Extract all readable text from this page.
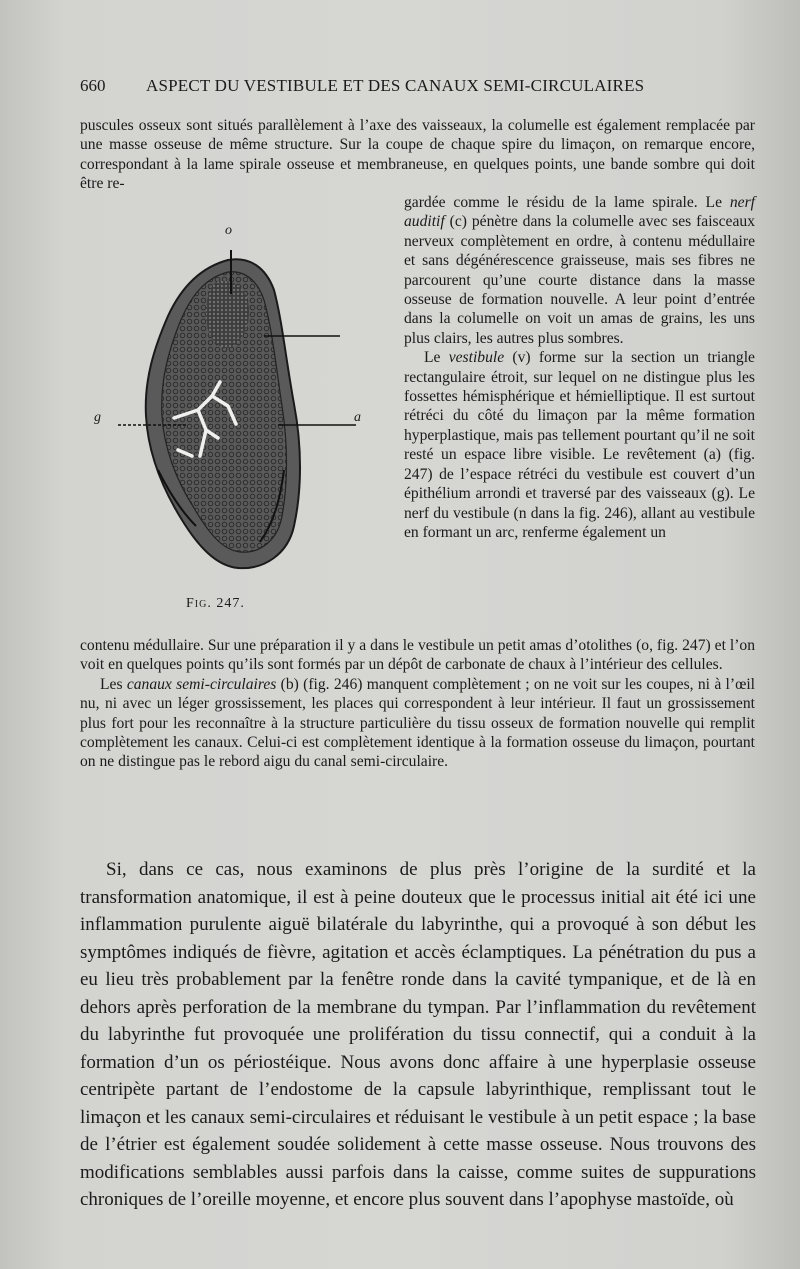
660 ASPECT DU VESTIBULE ET DES CANAUX SEMI-CIRCULAIRES

puscules osseux sont situés parallèlement à l’axe des vaisseaux, la columelle est également remplacée par une masse osseuse de même structure. Sur la coupe de chaque spire du limaçon, on remarque encore, correspondant à la lame spirale osseuse et membraneuse, en quelques points, une bande sombre qui doit être re-

gardée comme le résidu de la lame spirale. Le nerf auditif (c) pénètre dans la columelle avec ses faisceaux nerveux complètement en ordre, à contenu médullaire et sans dégénérescence graisseuse, mais ses fibres ne parcourent qu’une courte distance dans la masse osseuse de formation nouvelle. A leur point d’entrée dans la columelle on voit un amas de grains, les uns plus clairs, les autres plus sombres.

Le vestibule (v) forme sur la section un triangle rectangulaire étroit, sur lequel on ne distingue plus les fossettes hémisphérique et hémielliptique. Il est surtout rétréci du côté du limaçon par la même formation hyperplastique, mais pas tellement pourtant qu’il ne soit resté un espace libre visible. Le revêtement (a) (fig. 247) de l’espace rétréci du vestibule est couvert d’un épithélium arrondi et traversé par des vaisseaux (g). Le nerf du vestibule (n dans la fig. 246), allant au vestibule en formant un arc, renferme également un

o
g	a
Fig. 247.

contenu médullaire. Sur une préparation il y a dans le vestibule un petit amas d’otolithes (o, fig. 247) et l’on voit en quelques points qu’ils sont formés par un dépôt de carbonate de chaux à l’intérieur des cellules.

Les canaux semi-circulaires (b) (fig. 246) manquent complètement ; on ne voit sur les coupes, ni à l’œil nu, ni avec un léger grossissement, les places qui correspondent à leur intérieur. Il faut un grossissement plus fort pour les reconnaître à la structure particulière du tissu osseux de formation nouvelle qui remplit complètement les canaux. Celui-ci est complètement identique à la formation osseuse du limaçon, pourtant on ne distingue pas le rebord aigu du canal semi-circulaire.

Si, dans ce cas, nous examinons de plus près l’origine de la surdité et la transformation anatomique, il est à peine douteux que le processus initial ait été ici une inflammation purulente aiguë bilatérale du labyrinthe, qui a provoqué à son début les symptômes indiqués de fièvre, agitation et accès éclamptiques. La pénétration du pus a eu lieu très probablement par la fenêtre ronde dans la cavité tympanique, et de là en dehors après perforation de la membrane du tympan. Par l’inflammation du revêtement du labyrinthe fut provoquée une prolifération du tissu connectif, qui a conduit à la formation d’un os périostéique. Nous avons donc affaire à une hyperplasie osseuse centripète partant de l’endostome de la capsule labyrinthique, remplissant tout le limaçon et les canaux semi-circulaires et réduisant le vestibule à un petit espace ; la base de l’étrier est également soudée solidement à cette masse osseuse. Nous trouvons des modifications semblables aussi parfois dans la caisse, comme suites de suppurations chroniques de l’oreille moyenne, et encore plus souvent dans l’apophyse mastoïde, où
